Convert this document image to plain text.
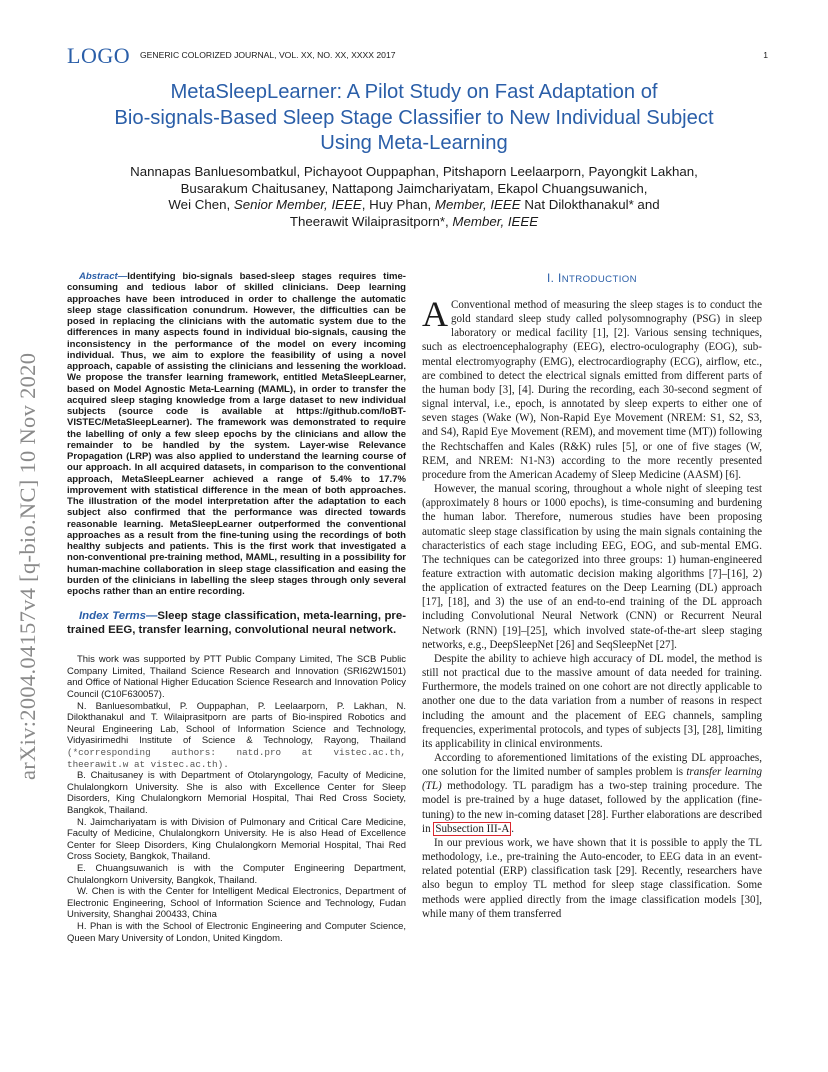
LOGO GENERIC COLORIZED JOURNAL, VOL. XX, NO. XX, XXXX 2017	1
MetaSleepLearner: A Pilot Study on Fast Adaptation of
Bio-signals-Based Sleep Stage Classifier to New Individual Subject
Using Meta-Learning
Nannapas Banluesombatkul, Pichayoot Ouppaphan, Pitshaporn Leelaarporn, Payongkit Lakhan,
Busarakum Chaitusaney, Nattapong Jaimchariyatam, Ekapol Chuangsuwanich,
Wei Chen, Senior Member, IEEE, Huy Phan, Member, IEEE Nat Dilokthanakul* and
Theerawit Wilaiprasitporn*, Member, IEEE
arXiv:2004.04157v4 [q-bio.NC] 10 Nov 2020
Abstract—Identifying bio-signals based-sleep stages requires time-consuming and tedious labor of skilled clinicians. Deep learning approaches have been introduced in order to challenge the automatic sleep stage classification conundrum. However, the difficulties can be posed in replacing the clinicians with the automatic system due to the differences in many aspects found in individual bio-signals, causing the inconsistency in the performance of the model on every incoming individual. Thus, we aim to explore the feasibility of using a novel approach, capable of assisting the clinicians and lessening the workload. We propose the transfer learning framework, entitled MetaSleepLearner, based on Model Agnostic Meta-Learning (MAML), in order to transfer the acquired sleep staging knowledge from a large dataset to new individual subjects (source code is available at https://github.com/IoBT-VISTEC/MetaSleepLearner). The framework was demonstrated to require the labelling of only a few sleep epochs by the clinicians and allow the remainder to be handled by the system. Layer-wise Relevance Propagation (LRP) was also applied to understand the learning course of our approach. In all acquired datasets, in comparison to the conventional approach, MetaSleepLearner achieved a range of 5.4% to 17.7% improvement with statistical difference in the mean of both approaches. The illustration of the model interpretation after the adaptation to each subject also confirmed that the performance was directed towards reasonable learning. MetaSleepLearner outperformed the conventional approaches as a result from the fine-tuning using the recordings of both healthy subjects and patients. This is the first work that investigated a non-conventional pre-training method, MAML, resulting in a possibility for human-machine collaboration in sleep stage classification and easing the burden of the clinicians in labelling the sleep stages through only several epochs rather than an entire recording.
Index Terms—Sleep stage classification, meta-learning, pre-trained EEG, transfer learning, convolutional neural network.

This work was supported by PTT Public Company Limited, The SCB Public Company Limited, Thailand Science Research and Innovation (SRI62W1501) and Office of National Higher Education Science Research and Innovation Policy Council (C10F630057).

N. Banluesombatkul, P. Ouppaphan, P. Leelaarporn, P. Lakhan, N. Dilokthanakul and T. Wilaiprasitporn are parts of Bio-inspired Robotics and Neural Engineering Lab, School of Information Science and Technology, Vidyasirimedhi Institute of Science & Technology, Rayong, Thailand (*corresponding authors: natd.pro at vistec.ac.th, theerawit.w at vistec.ac.th).

B. Chaitusaney is with Department of Otolaryngology, Faculty of Medicine, Chulalongkorn University. She is also with Excellence Center for Sleep Disorders, King Chulalongkorn Memorial Hospital, Thai Red Cross Society, Bangkok, Thailand.

N. Jaimchariyatam is with Division of Pulmonary and Critical Care Medicine, Faculty of Medicine, Chulalongkorn University. He is also Head of Excellence Center for Sleep Disorders, King Chulalongkorn Memorial Hospital, Thai Red Cross Society, Bangkok, Thailand.

E. Chuangsuwanich is with the Computer Engineering Department, Chulalongkorn University, Bangkok, Thailand.

W. Chen is with the Center for Intelligent Medical Electronics, Department of Electronic Engineering, School of Information Science and Technology, Fudan University, Shanghai 200433, China

H. Phan is with the School of Electronic Engineering and Computer Science, Queen Mary University of London, United Kingdom.

I. INTRODUCTION

A Conventional method of measuring the sleep stages is to conduct the gold standard sleep study called polysomnography (PSG) in sleep laboratory or medical facility [1], [2]. Various sensing techniques, such as electroencephalography (EEG), electro-oculography (EOG), sub-mental electromyography (EMG), electrocardiography (ECG), airflow, etc., are combined to detect the electrical signals emitted from different parts of the human body [3], [4]. During the recording, each 30-second segment of signal interval, i.e., epoch, is annotated by sleep experts to either one of seven stages (Wake (W), Non-Rapid Eye Movement (NREM: S1, S2, S3, and S4), Rapid Eye Movement (REM), and movement time (MT)) following the Rechtschaffen and Kales (R&K) rules [5], or one of five stages (W, REM, and NREM: N1-N3) according to the more recently presented procedure from the American Academy of Sleep Medicine (AASM) [6].

However, the manual scoring, throughout a whole night of sleeping test (approximately 8 hours or 1000 epochs), is time-consuming and burdening the human labor. Therefore, numerous studies have been proposing automatic sleep stage classification by using the main signals containing the characteristics of each stage including EEG, EOG, and sub-mental EMG. The techniques can be categorized into three groups: 1) human-engineered feature extraction with automatic decision making algorithms [7]–[16], 2) the application of extracted features on the Deep Learning (DL) approach [17], [18], and 3) the use of an end-to-end training of the DL approach including Convolutional Neural Network (CNN) or Recurrent Neural Network (RNN) [19]–[25], which involved state-of-the-art sleep staging networks, e.g., DeepSleepNet [26] and SeqSleepNet [27].

Despite the ability to achieve high accuracy of DL model, the method is still not practical due to the massive amount of data needed for training. Furthermore, the models trained on one cohort are not directly applicable to another one due to the data variation from a number of reasons in respect including the amount and the placement of EEG channels, sampling frequencies, experimental protocols, and types of subjects [3], [28], limiting its applicability in clinical environments.

According to aforementioned limitations of the existing DL approaches, one solution for the limited number of samples problem is transfer learning (TL) methodology. TL paradigm has a two-step training procedure. The model is pre-trained by a huge dataset, followed by the application (fine-tuning) to the new in-coming dataset [28]. Further elaborations are described in Subsection III-A .

In our previous work, we have shown that it is possible to apply the TL methodology, i.e., pre-training the Auto-encoder, to EEG data in an event-related potential (ERP) classification task [29]. Recently, researchers have also begun to employ TL method for sleep stage classification. Some methods were applied directly from the image classification models [30], while many of them transferred
